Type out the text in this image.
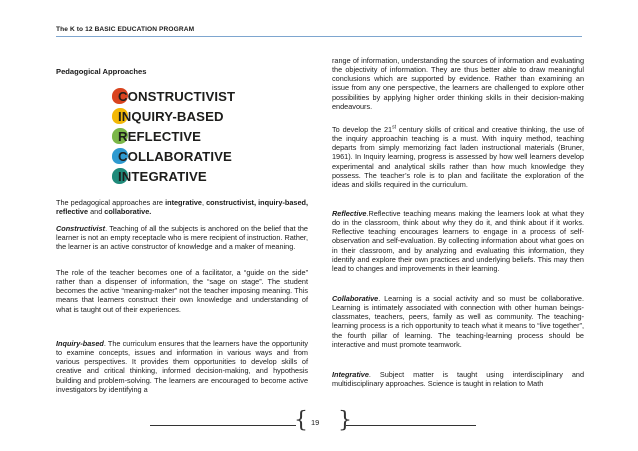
The K to 12 BASIC EDUCATION PROGRAM
Pedagogical Approaches
CONSTRUCTIVIST
INQUIRY-BASED
REFLECTIVE
COLLABORATIVE
INTEGRATIVE

The pedagogical approaches are integrative, constructivist, inquiry-based, reflective and collaborative.

Constructivist. Teaching of all the subjects is anchored on the belief that the learner is not an empty receptacle who is mere recipient of instruction. Rather, the learner is an active constructor of knowledge and a maker of meaning.

The role of the teacher becomes one of a facilitator, a “guide on the side” rather than a dispenser of information, the “sage on stage”. The student becomes the active “meaning-maker” not the teacher imposing meaning. This means that learners construct their own knowledge and understanding of what is taught out of their experiences.

Inquiry-based. The curriculum ensures that the learners have the opportunity to examine concepts, issues and information in various ways and from various perspectives. It provides them opportunities to develop skills of creative and critical thinking, informed decision-making, and hypothesis building and problem-solving. The learners are encouraged to become active investigators by identifying a

range of information, understanding the sources of information and evaluating the objectivity of information. They are thus better able to draw meaningful conclusions which are supported by evidence. Rather than examining an issue from any one perspective, the learners are challenged to explore other possibilities by applying higher order thinking skills in their decision-making endeavours.

To develop the 21st century skills of critical and creative thinking, the use of the inquiry approachin teaching is a must. With inquiry method, teaching departs from simply memorizing fact laden instructional materials (Bruner, 1961). In Inquiry learning, progress is assessed by how well learners develop experimental and analytical skills rather than how much knowledge they possess. The teacher’s role is to plan and facilitate the exploration of the ideas and skills required in the curriculum.

Reflective.Reflective teaching means making the learners look at what they do in the classroom, think about why they do it, and think about if it works. Reflective teaching encourages learners to engage in a process of self-observation and self-evaluation. By collecting information about what goes on in their classroom, and by analyzing and evaluating this information, they identify and explore their own practices and underlying beliefs. This may then lead to changes and improvements in their learning.

Collaborative. Learning is a social activity and so must be collaborative. Learning is intimately associated with connection with other human beings- classmates, teachers, peers, family as well as community. The teaching-learning process is a rich opportunity to teach what it means to “live together”, the fourth pillar of learning. The teaching-learning process should be interactive and must promote teamwork.

Integrative. Subject matter is taught using interdisciplinary and multidisciplinary approaches. Science is taught in relation to Math

{ 19 }
